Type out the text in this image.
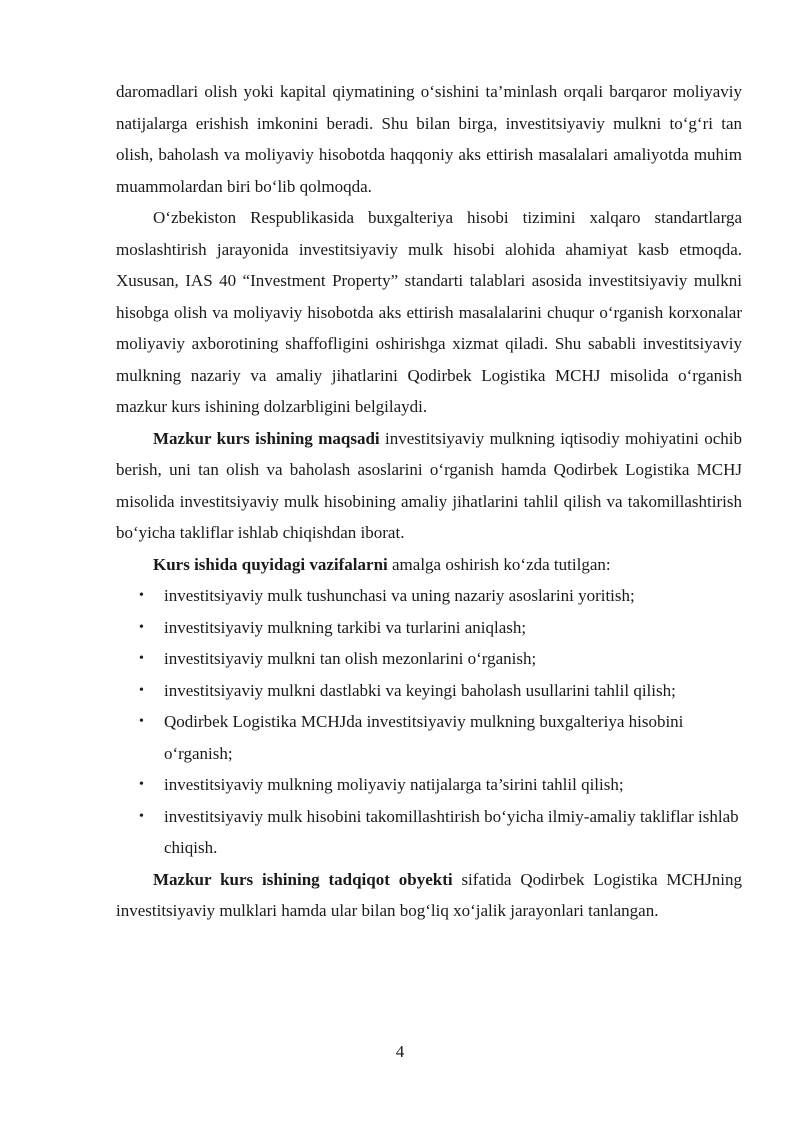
daromadlari olish yoki kapital qiymatining o‘sishini ta’minlash orqali barqaror moliyaviy natijalarga erishish imkonini beradi. Shu bilan birga, investitsiyaviy mulkni to‘g‘ri tan olish, baholash va moliyaviy hisobotda haqqoniy aks ettirish masalalari amaliyotda muhim muammolardan biri bo‘lib qolmoqda.

O‘zbekiston Respublikasida buxgalteriya hisobi tizimini xalqaro standartlarga moslashtirish jarayonida investitsiyaviy mulk hisobi alohida ahamiyat kasb etmoqda. Xususan, IAS 40 “Investment Property” standarti talablari asosida investitsiyaviy mulkni hisobga olish va moliyaviy hisobotda aks ettirish masalalarini chuqur o‘rganish korxonalar moliyaviy axborotining shaffofligini oshirishga xizmat qiladi. Shu sababli investitsiyaviy mulkning nazariy va amaliy jihatlarini Qodirbek Logistika MCHJ misolida o‘rganish mazkur kurs ishining dolzarbligini belgilaydi.

Mazkur kurs ishining maqsadi investitsiyaviy mulkning iqtisodiy mohiyatini ochib berish, uni tan olish va baholash asoslarini o‘rganish hamda Qodirbek Logistika MCHJ misolida investitsiyaviy mulk hisobining amaliy jihatlarini tahlil qilish va takomillashtirish bo‘yicha takliflar ishlab chiqishdan iborat.

Kurs ishida quyidagi vazifalarni amalga oshirish ko‘zda tutilgan:

• investitsiyaviy mulk tushunchasi va uning nazariy asoslarini yoritish;
• investitsiyaviy mulkning tarkibi va turlarini aniqlash;
• investitsiyaviy mulkni tan olish mezonlarini o‘rganish;
• investitsiyaviy mulkni dastlabki va keyingi baholash usullarini tahlil qilish;
• Qodirbek Logistika MCHJda investitsiyaviy mulkning buxgalteriya hisobini o‘rganish;
• investitsiyaviy mulkning moliyaviy natijalarga ta’sirini tahlil qilish;
• investitsiyaviy mulk hisobini takomillashtirish bo‘yicha ilmiy-amaliy takliflar ishlab chiqish.

Mazkur kurs ishining tadqiqot obyekti sifatida Qodirbek Logistika MCHJning investitsiyaviy mulklari hamda ular bilan bog‘liq xo‘jalik jarayonlari tanlangan.

4
